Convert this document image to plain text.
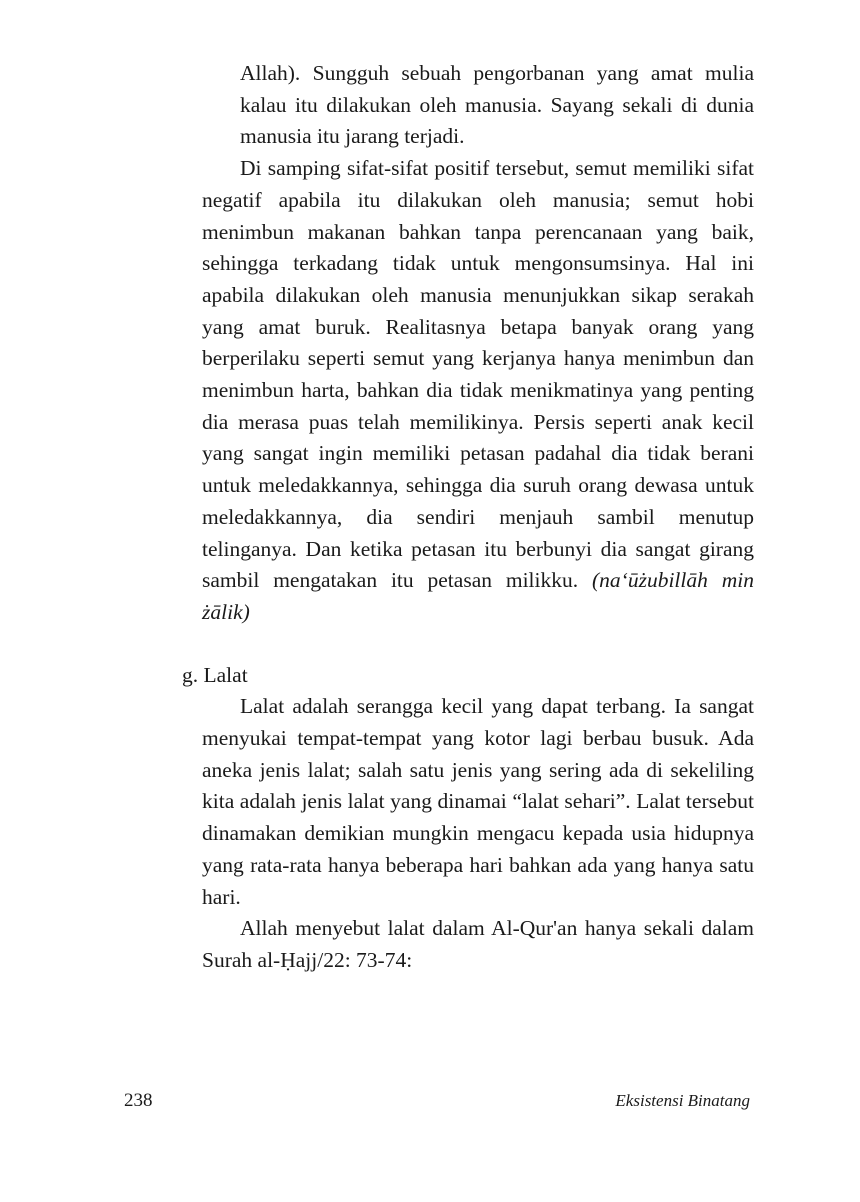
Allah). Sungguh sebuah pengorbanan yang amat mulia kalau itu dilakukan oleh manusia. Sayang sekali di dunia manusia itu jarang terjadi.

Di samping sifat-sifat positif tersebut, semut memiliki sifat negatif apabila itu dilakukan oleh manusia; semut hobi menimbun makanan bahkan tanpa perencanaan yang baik, sehingga terkadang tidak untuk mengonsumsinya. Hal ini apabila dilakukan oleh manusia menunjukkan sikap serakah yang amat buruk. Realitasnya betapa banyak orang yang berperilaku seperti semut yang kerjanya hanya menimbun dan menimbun harta, bahkan dia tidak menikmatinya yang penting dia merasa puas telah memilikinya. Persis seperti anak kecil yang sangat ingin memiliki petasan padahal dia tidak berani untuk meledakkannya, sehingga dia suruh orang dewasa untuk meledakkannya, dia sendiri menjauh sambil menutup telinganya. Dan ketika petasan itu berbunyi dia sangat girang sambil mengatakan itu petasan milikku. (na‘ūżubillāh min żālik)

g. Lalat

Lalat adalah serangga kecil yang dapat terbang. Ia sangat menyukai tempat-tempat yang kotor lagi berbau busuk. Ada aneka jenis lalat; salah satu jenis yang sering ada di sekeliling kita adalah jenis lalat yang dinamai “lalat sehari”. Lalat tersebut dinamakan demikian mungkin mengacu kepada usia hidupnya yang rata-rata hanya beberapa hari bahkan ada yang hanya satu hari.

Allah menyebut lalat dalam Al-Qur'an hanya sekali dalam Surah al-Ḥajj/22: 73-74:

238	Eksistensi Binatang
